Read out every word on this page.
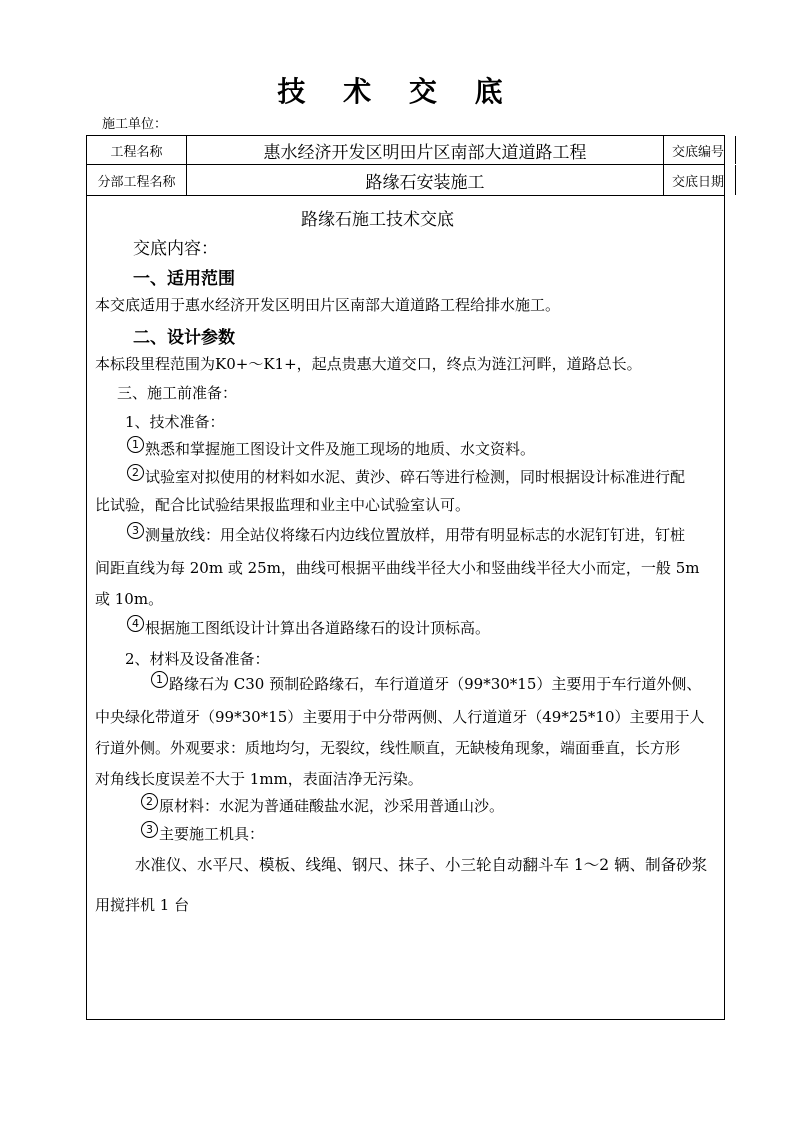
技 术 交 底
施工单位：
工程名称	惠水经济开发区明田片区南部大道道路工程	交底编号
分部工程名称	路缘石安装施工	交底日期
路缘石施工技术交底
交底内容：
一、适用范围
本交底适用于惠水经济开发区明田片区南部大道道路工程给排水施工。
二、设计参数
本标段里程范围为K0+～K1+，起点贵惠大道交口，终点为涟江河畔，道路总长。
三、施工前准备：
1、技术准备：
1 熟悉和掌握施工图设计文件及施工现场的地质、水文资料。
2 试验室对拟使用的材料如水泥、黄沙、碎石等进行检测，同时根据设计标准进行配
比试验，配合比试验结果报监理和业主中心试验室认可。
3 测量放线：用全站仪将缘石内边线位置放样，用带有明显标志的水泥钉钉进，钉桩
间距直线为每 20m 或 25m，曲线可根据平曲线半径大小和竖曲线半径大小而定，一般 5m
或 10m。
4 根据施工图纸设计计算出各道路缘石的设计顶标高。
2、材料及设备准备：
1 路缘石为 C30 预制砼路缘石，车行道道牙（99*30*15）主要用于车行道外侧、
中央绿化带道牙（99*30*15）主要用于中分带两侧、人行道道牙（49*25*10）主要用于人
行道外侧。外观要求：质地均匀，无裂纹，线性顺直，无缺棱角现象，端面垂直，长方形
对角线长度误差不大于 1mm，表面洁净无污染。
2 原材料：水泥为普通硅酸盐水泥，沙采用普通山沙。
3 主要施工机具：
水准仪、水平尺、模板、线绳、钢尺、抹子、小三轮自动翻斗车 1～2 辆、制备砂浆
用搅拌机 1 台
